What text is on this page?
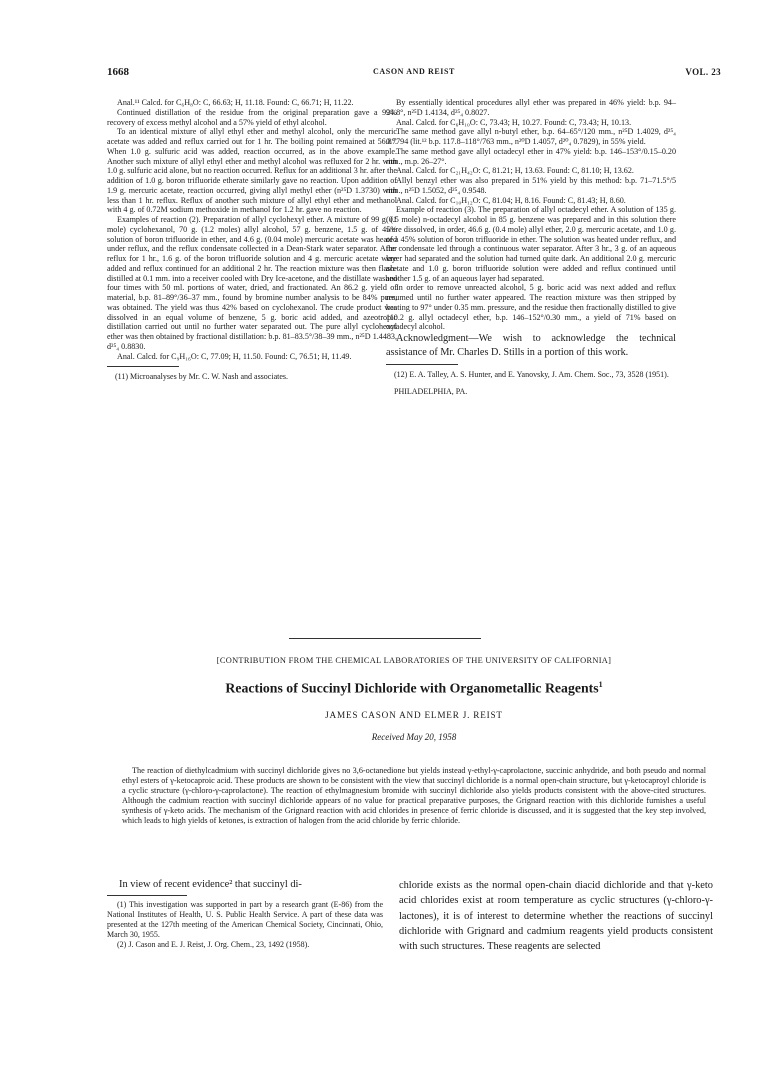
1668	CASON AND REIST	VOL. 23

Anal.¹¹ Calcd. for C₆H₈O: C, 66.63; H, 11.18. Found: C, 66.71; H, 11.22.

Continued distillation of the residue from the original preparation gave a 92% recovery of excess methyl alcohol and a 57% yield of ethyl alcohol.

To an identical mixture of allyl ethyl ether and methyl alcohol, only the mercuric acetate was added and reflux carried out for 1 hr. The boiling point remained at 56.8°. When 1.0 g. sulfuric acid was added, reaction occurred, as in the above example. Another such mixture of allyl ethyl ether and methyl alcohol was refluxed for 2 hr. with 1.0 g. sulfuric acid alone, but no reaction occurred. Reflux for an additional 3 hr. after the addition of 1.0 g. boron trifluoride etherate similarly gave no reaction. Upon addition of 1.9 g. mercuric acetate, reaction occurred, giving allyl methyl ether (n²⁵D 1.3730) with less than 1 hr. reflux. Reflux of another such mixture of allyl ethyl ether and methanol with 4 g. of 0.72M sodium methoxide in methanol for 1.2 hr. gave no reaction.

Examples of reaction (2). Preparation of allyl cyclohexyl ether. A mixture of 99 g. (1 mole) cyclohexanol, 70 g. (1.2 moles) allyl alcohol, 57 g. benzene, 1.5 g. of 45% solution of boron trifluoride in ether, and 4.6 g. (0.04 mole) mercuric acetate was heated under reflux, and the reflux condensate collected in a Dean-Stark water separator. After reflux for 1 hr., 1.6 g. of the boron trifluoride solution and 4 g. mercuric acetate were added and reflux continued for an additional 2 hr. The reaction mixture was then flash-distilled at 0.1 mm. into a receiver cooled with Dry Ice-acetone, and the distillate washed four times with 50 ml. portions of water, dried, and fractionated. An 86.2 g. yield of material, b.p. 81–89°/36–37 mm., found by bromine number analysis to be 84% pure, was obtained. The yield was thus 42% based on cyclohexanol. The crude product was dissolved in an equal volume of benzene, 5 g. boric acid added, and azeotropic distillation carried out until no further water separated out. The pure allyl cyclohexyl ether was then obtained by fractional distillation: b.p. 81–83.5°/38–39 mm., n²⁵D 1.4483, d²⁵₄ 0.8830.

Anal. Calcd. for C₉H₁₆O: C, 77.09; H, 11.50. Found: C, 76.51; H, 11.49.

(11) Microanalyses by Mr. C. W. Nash and associates.

By essentially identical procedures allyl ether was prepared in 46% yield: b.p. 94–94.8°, n²⁵D 1.4134, d²⁵₄ 0.8027.

Anal. Calcd. for C₆H₁₀O: C, 73.43; H, 10.27. Found: C, 73.43; H, 10.13.

The same method gave allyl n-butyl ether, b.p. 64–65°/120 mm., n²⁵D 1.4029, d²⁵₄ 0.7794 (lit.¹² b.p. 117.8–118°/763 mm., n²⁰D 1.4057, d²⁰₄ 0.7829), in 55% yield.

The same method gave allyl octadecyl ether in 47% yield: b.p. 146–153°/0.15–0.20 mm., m.p. 26–27°.

Anal. Calcd. for C₂₁H₄₂O: C, 81.21; H, 13.63. Found: C, 81.10; H, 13.62.

Allyl benzyl ether was also prepared in 51% yield by this method: b.p. 71–71.5°/5 mm., n²⁵D 1.5052, d²⁵₄ 0.9548.

Anal. Calcd. for C₁₀H₁₂O: C, 81.04; H, 8.16. Found: C, 81.43; H, 8.60.

Example of reaction (3). The preparation of allyl octadecyl ether. A solution of 135 g. (0.5 mole) n-octadecyl alcohol in 85 g. benzene was prepared and in this solution there were dissolved, in order, 46.6 g. (0.4 mole) allyl ether, 2.0 g. mercuric acetate, and 1.0 g. of a 45% solution of boron trifluoride in ether. The solution was heated under reflux, and the condensate led through a continuous water separator. After 3 hr., 3 g. of an aqueous layer had separated and the solution had turned quite dark. An additional 2.0 g. mercuric acetate and 1.0 g. boron trifluoride solution were added and reflux continued until another 1.5 g. of an aqueous layer had separated.

In order to remove unreacted alcohol, 5 g. boric acid was next added and reflux resumed until no further water appeared. The reaction mixture was then stripped by heating to 97° under 0.35 mm. pressure, and the residue then fractionally distilled to give 110.2 g. allyl octadecyl ether, b.p. 146–152°/0.30 mm., a yield of 71% based on octadecyl alcohol.

Acknowledgment—We wish to acknowledge the technical assistance of Mr. Charles D. Stills in a portion of this work.

(12) E. A. Talley, A. S. Hunter, and E. Yanovsky, J. Am. Chem. Soc., 73, 3528 (1951).

PHILADELPHIA, PA.

[CONTRIBUTION FROM THE CHEMICAL LABORATORIES OF THE UNIVERSITY OF CALIFORNIA]
Reactions of Succinyl Dichloride with Organometallic Reagents$^1$
JAMES CASON AND ELMER J. REIST
Received May 20, 1958

The reaction of diethylcadmium with succinyl dichloride gives no 3,6-octanedione but yields instead γ-ethyl-γ-caprolactone, succinic anhydride, and both pseudo and normal ethyl esters of γ-ketocaproic acid. These products are shown to be consistent with the view that succinyl dichloride is a normal open-chain structure, but γ-ketocaproyl chloride is a cyclic structure (γ-chloro-γ-caprolactone). The reaction of ethylmagnesium bromide with succinyl dichloride also yields products consistent with the above-cited structures. Although the cadmium reaction with succinyl dichloride appears of no value for practical preparative purposes, the Grignard reaction with this dichloride furnishes a useful synthesis of γ-keto acids. The mechanism of the Grignard reaction with acid chlorides in presence of ferric chloride is discussed, and it is suggested that the key step involved, which leads to high yields of ketones, is extraction of halogen from the acid chloride by ferric chloride.

In view of recent evidence² that succinyl di-

(1) This investigation was supported in part by a research grant (E-86) from the National Institutes of Health, U. S. Public Health Service. A part of these data was presented at the 127th meeting of the American Chemical Society, Cincinnati, Ohio, March 30, 1955.

(2) J. Cason and E. J. Reist, J. Org. Chem., 23, 1492 (1958).

chloride exists as the normal open-chain diacid dichloride and that γ-keto acid chlorides exist at room temperature as cyclic structures (γ-chloro-γ-lactones), it is of interest to determine whether the reactions of succinyl dichloride with Grignard and cadmium reagents yield products consistent with such structures. These reagents are selected
